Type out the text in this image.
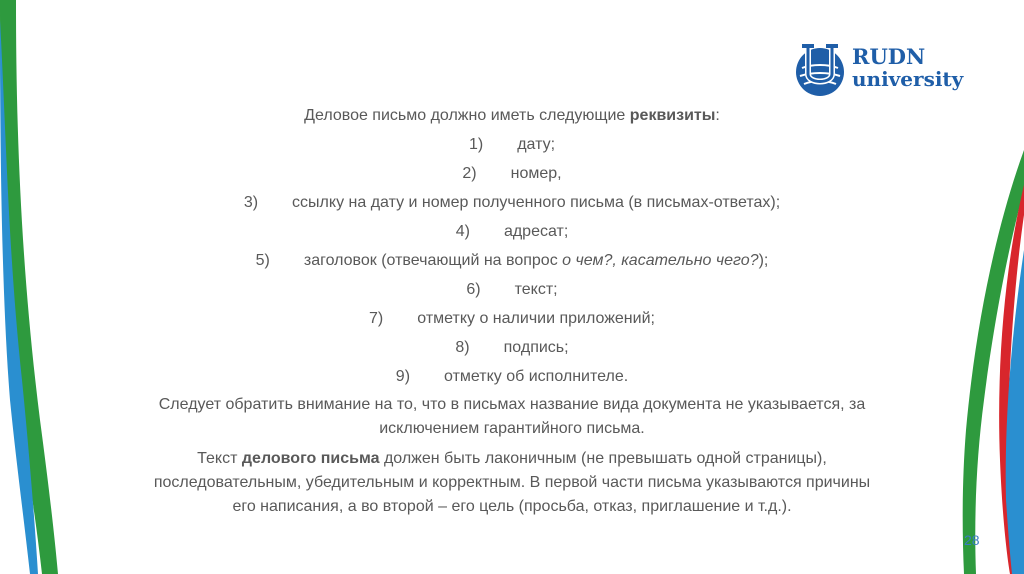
RUDN
university
Деловое письмо должно иметь следующие реквизиты:
1) дату;
2) номер,
3) ссылку на дату и номер полученного письма (в письмах-ответах);
4) адресат;
5) заголовок (отвечающий на вопрос о чем?, касательно чего?);
6) текст;
7) отметку о наличии приложений;
8) подпись;
9) отметку об исполнителе.
Следует обратить внимание на то, что в письмах название вида документа не указывается, за
исключением гарантийного письма.
Текст делового письма должен быть лаконичным (не превышать одной страницы),
последовательным, убедительным и корректным. В первой части письма указываются причины
его написания, а во второй – его цель (просьба, отказ, приглашение и т.д.).
28
